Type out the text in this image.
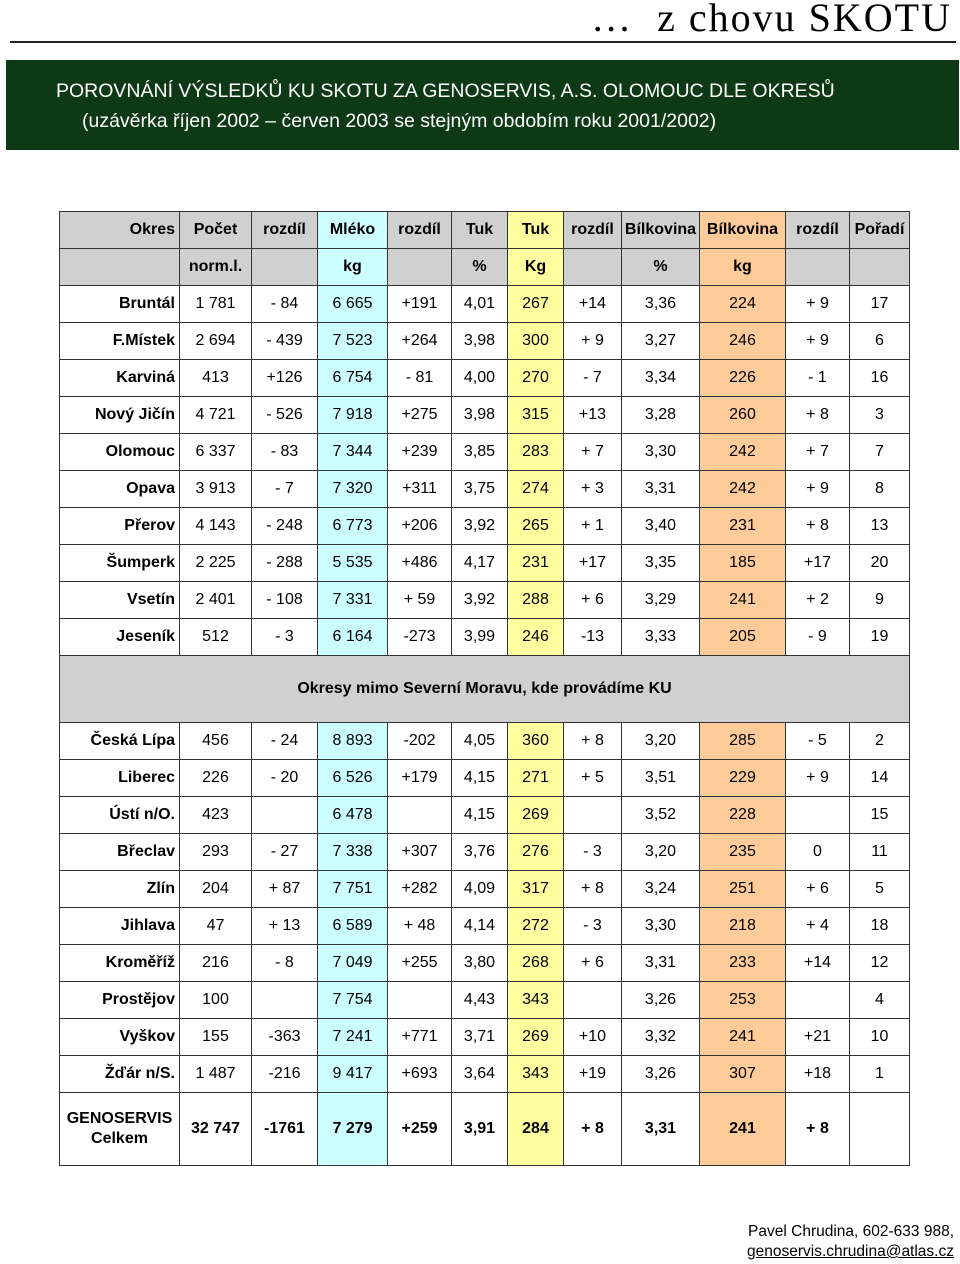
…  z chovu SKOTU
POROVNÁNÍ VÝSLEDKŮ KU SKOTU ZA GENOSERVIS, A.S. OLOMOUC DLE OKRESŮ
(uzávěrka říjen 2002 – červen 2003 se stejným obdobím roku 2001/2002)
Okres	Počet	rozdíl	Mléko	rozdíl	Tuk	Tuk	rozdíl	Bílkovina	Bílkovina	rozdíl	Pořadí
	norm.l.		kg		%	Kg		%	kg		
Bruntál	1 781	- 84	6 665	+191	4,01	267	+14	3,36	224	+ 9	17
F.Místek	2 694	- 439	7 523	+264	3,98	300	+ 9	3,27	246	+ 9	6
Karviná	413	+126	6 754	- 81	4,00	270	- 7	3,34	226	- 1	16
Nový Jičín	4 721	- 526	7 918	+275	3,98	315	+13	3,28	260	+ 8	3
Olomouc	6 337	- 83	7 344	+239	3,85	283	+ 7	3,30	242	+ 7	7
Opava	3 913	- 7	7 320	+311	3,75	274	+ 3	3,31	242	+ 9	8
Přerov	4 143	- 248	6 773	+206	3,92	265	+ 1	3,40	231	+ 8	13
Šumperk	2 225	- 288	5 535	+486	4,17	231	+17	3,35	185	+17	20
Vsetín	2 401	- 108	7 331	+ 59	3,92	288	+ 6	3,29	241	+ 2	9
Jeseník	512	- 3	6 164	-273	3,99	246	-13	3,33	205	- 9	19
Okresy mimo Severní Moravu, kde provádíme KU											
Česká Lípa	456	- 24	8 893	-202	4,05	360	+ 8	3,20	285	- 5	2
Liberec	226	- 20	6 526	+179	4,15	271	+ 5	3,51	229	+ 9	14
Ústí n/O.	423		6 478		4,15	269		3,52	228		15
Břeclav	293	- 27	7 338	+307	3,76	276	- 3	3,20	235	0	11
Zlín	204	+ 87	7 751	+282	4,09	317	+ 8	3,24	251	+ 6	5
Jihlava	47	+ 13	6 589	+ 48	4,14	272	- 3	3,30	218	+ 4	18
Kroměříž	216	- 8	7 049	+255	3,80	268	+ 6	3,31	233	+14	12
Prostějov	100		7 754		4,43	343		3,26	253		4
Vyškov	155	-363	7 241	+771	3,71	269	+10	3,32	241	+21	10
Žďár n/S.	1 487	-216	9 417	+693	3,64	343	+19	3,26	307	+18	1
GENOSERVIS Celkem	32 747	-1761	7 279	+259	3,91	284	+ 8	3,31	241	+ 8	
Pavel Chrudina, 602-633 988,
genoservis.chrudina@atlas.cz
